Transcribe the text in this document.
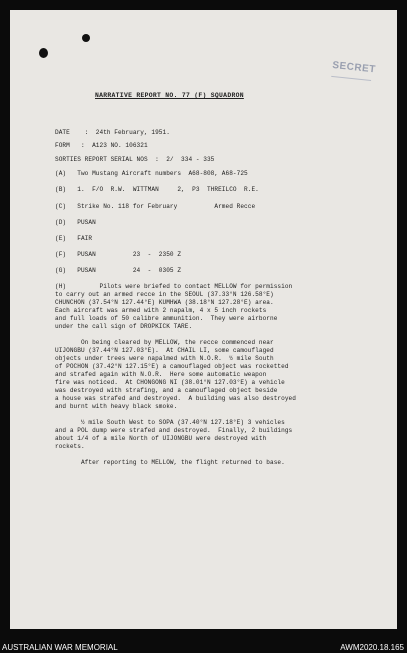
SECRET
NARRATIVE REPORT NO. 77 (F) SQUADRON
DATE    :  24th February, 1951.
FORM   :  A123 NO. 106321
SORTIES REPORT SERIAL NOS  :  2/  334 - 335
(A)   Two Mustang Aircraft numbers  A68-808, A68-725
(B)   1.  F/O  R.W.  WITTMAN     2,  P3  THREILCO  R.E.
(C)   Strike No. 118 for February          Armed Recce
(D)   PUSAN
(E)   FAIR
(F)   PUSAN          23  -  2350 Z
(G)   PUSAN          24  -  0305 Z
(H)         Pilots were briefed to contact MELLOW for permission
to carry out an armed recce in the SEOUL (37.33°N 126.58°E)
CHUNCHON (37.54°N 127.44°E) KUMHWA (38.18°N 127.28°E) area.
Each aircraft was armed with 2 napalm, 4 x 5 inch rockets
and full loads of 50 calibre ammunition.  They were airborne
under the call sign of DROPKICK TARE.
On being cleared by MELLOW, the recce commenced near
UIJONGBU (37.44°N 127.03°E).  At CHAIL LI, some camouflaged
objects under trees were napalmed with N.O.R.  ½ mile South
of POCHON (37.42°N 127.15°E) a camouflaged object was rocketted
and strafed again with N.O.R.  Here some automatic weapon
fire was noticed.  At CHONGONG NI (38.01°N 127.03°E) a vehicle
was destroyed with strafing, and a camouflaged object beside
a house was strafed and destroyed.  A building was also destroyed
and burnt with heavy black smoke.
½ mile South West to SOPA (37.40°N 127.18°E) 3 vehicles
and a POL dump were strafed and destroyed.  Finally, 2 buildings
about 1/4 of a mile North of UIJONGBU were destroyed with
rockets.
After reporting to MELLOW, the flight returned to base.
AUSTRALIAN WAR MEMORIAL	AWM2020.18.165
